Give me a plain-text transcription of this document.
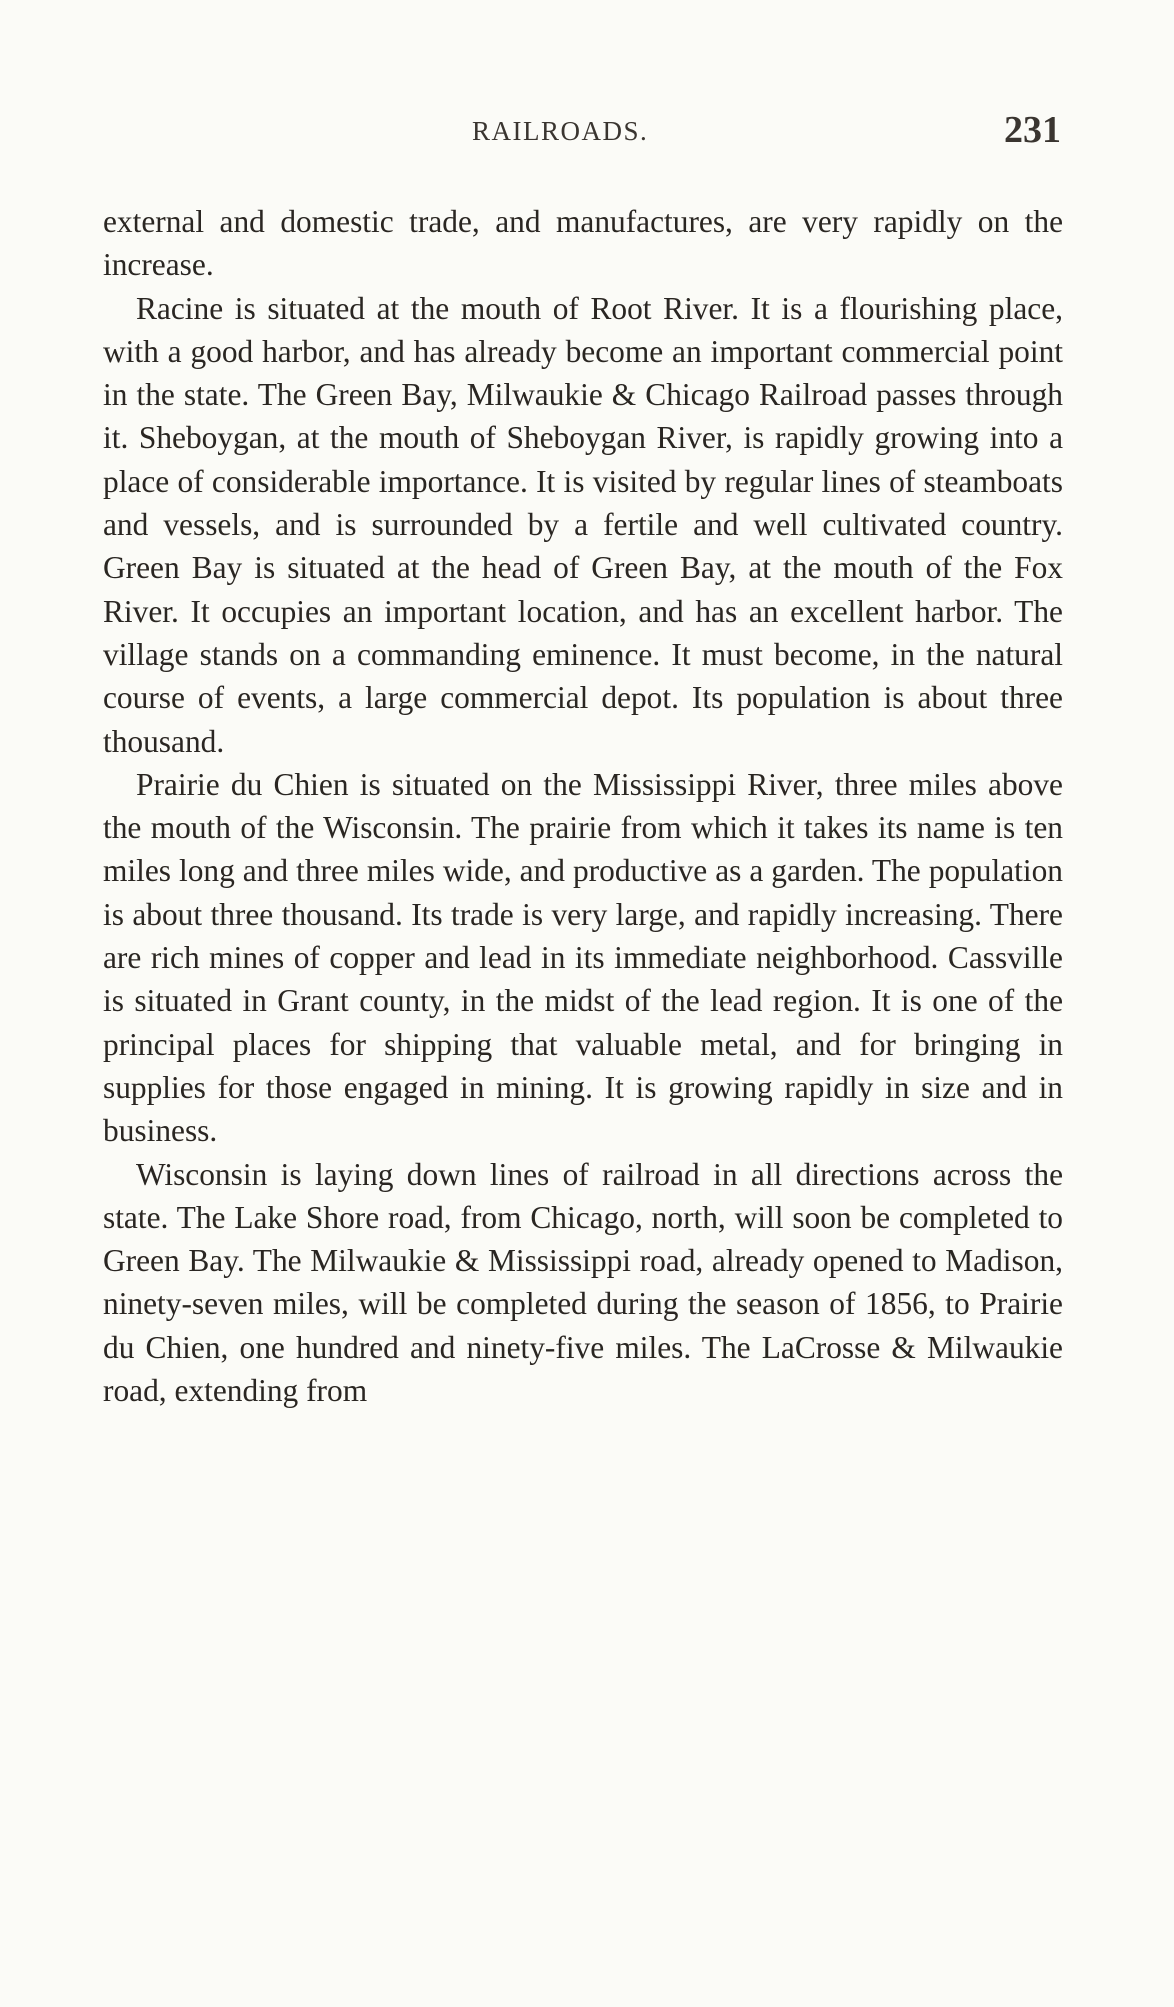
RAILROADS.	231

external and domestic trade, and manufactures, are very rapidly on the increase.

Racine is situated at the mouth of Root River. It is a flourishing place, with a good harbor, and has already become an important commercial point in the state. The Green Bay, Milwaukie & Chicago Railroad passes through it. Sheboygan, at the mouth of Sheboygan River, is rapidly growing into a place of considerable importance. It is visited by regular lines of steamboats and vessels, and is surrounded by a fertile and well cultivated country. Green Bay is situated at the head of Green Bay, at the mouth of the Fox River. It occupies an important location, and has an excellent harbor. The village stands on a commanding eminence. It must become, in the natural course of events, a large commercial depot. Its population is about three thousand.

Prairie du Chien is situated on the Mississippi River, three miles above the mouth of the Wisconsin. The prairie from which it takes its name is ten miles long and three miles wide, and productive as a garden. The population is about three thousand. Its trade is very large, and rapidly increasing. There are rich mines of copper and lead in its immediate neighborhood. Cassville is situated in Grant county, in the midst of the lead region. It is one of the principal places for shipping that valuable metal, and for bringing in supplies for those engaged in mining. It is growing rapidly in size and in business.

Wisconsin is laying down lines of railroad in all directions across the state. The Lake Shore road, from Chicago, north, will soon be completed to Green Bay. The Milwaukie & Mississippi road, already opened to Madison, ninety-seven miles, will be completed during the season of 1856, to Prairie du Chien, one hundred and ninety-five miles. The LaCrosse & Milwaukie road, extending from
